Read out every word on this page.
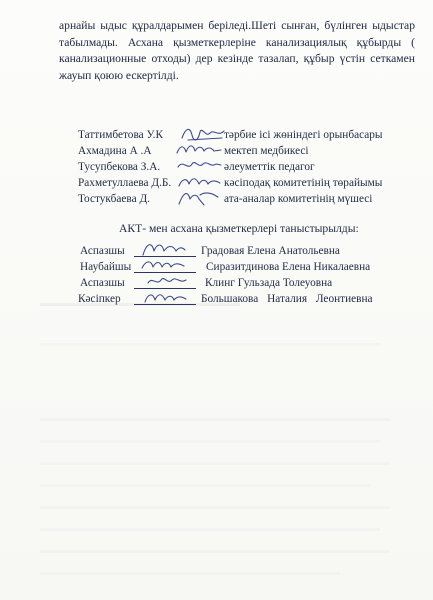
арнайы ыдыс құралдарымен беріледі.Шеті сынған, бүлінген ыдыстар табылмады. Асхана қызметкерлеріне канализациялық құбырды ( канализационные отходы) дер кезінде тазалап, құбыр үстін сеткамен жауып қоюю ескертілді.

Таттимбетова У.К	тәрбие ісі жөніндегі орынбасары
Ахмадина А .А	мектеп медбикесі
Тусупбекова З.А.	әлеуметтік педагог
Рахметуллаева Д.Б.	кәсіподақ комитетінің төрайымы
Тостукбаева Д.	ата-аналар комитетінің мүшесі
АКТ- мен асхана қызметкерлері таныстырылды:
Аспазшы	Градовая Елена Анатольевна
Наубайшы	Сиразитдинова Елена Никалаевна
Аспазшы	Клинг Гульзада Толеуовна
Кәсіпкер	Большакова Наталия Леонтиевна
